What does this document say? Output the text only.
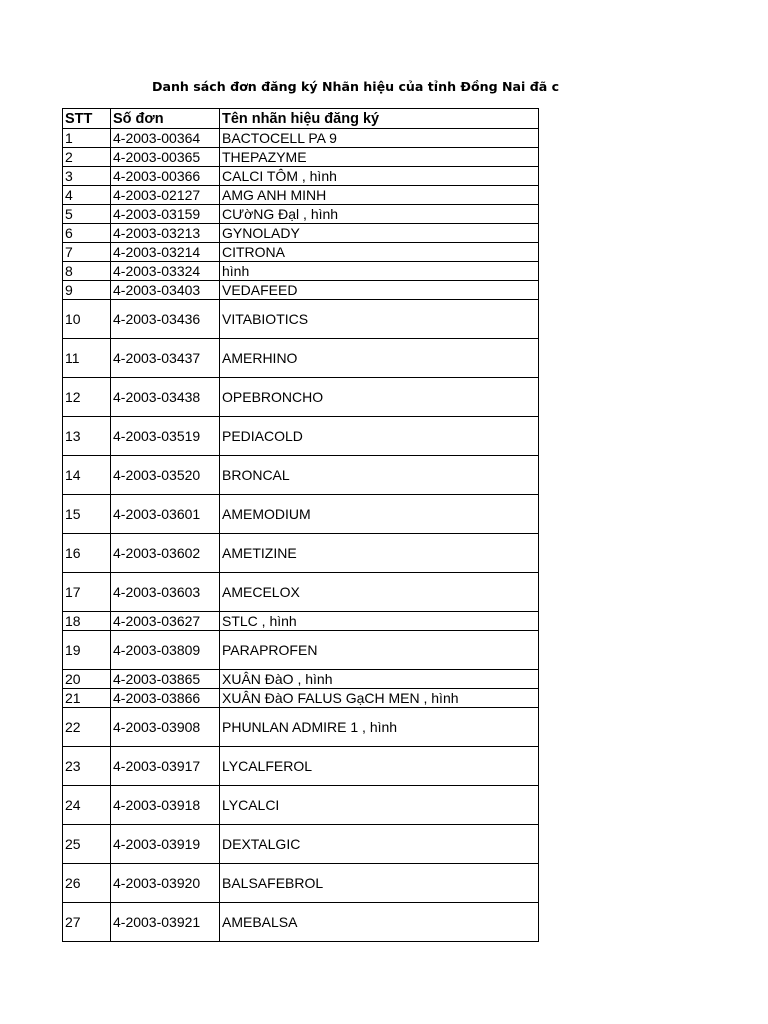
Danh sách đơn đăng ký Nhãn hiệu của tỉnh Đồng Nai đã c
STT	Số đơn	Tên nhãn hiệu đăng ký
1	4-2003-00364	BACTOCELL PA 9
2	4-2003-00365	THEPAZYME
3	4-2003-00366	CALCI TÔM , hình
4	4-2003-02127	AMG ANH MINH
5	4-2003-03159	CƯờNG Đạl , hình
6	4-2003-03213	GYNOLADY
7	4-2003-03214	CITRONA
8	4-2003-03324	hình
9	4-2003-03403	VEDAFEED
10	4-2003-03436	VITABIOTICS
11	4-2003-03437	AMERHINO
12	4-2003-03438	OPEBRONCHO
13	4-2003-03519	PEDIACOLD
14	4-2003-03520	BRONCAL
15	4-2003-03601	AMEMODIUM
16	4-2003-03602	AMETIZINE
17	4-2003-03603	AMECELOX
18	4-2003-03627	STLC , hình
19	4-2003-03809	PARAPROFEN
20	4-2003-03865	XUÂN ĐàO , hình
21	4-2003-03866	XUÂN ĐàO FALUS GạCH MEN , hình
22	4-2003-03908	PHUNLAN ADMIRE 1 , hình
23	4-2003-03917	LYCALFEROL
24	4-2003-03918	LYCALCI
25	4-2003-03919	DEXTALGIC
26	4-2003-03920	BALSAFEBROL
27	4-2003-03921	AMEBALSA
